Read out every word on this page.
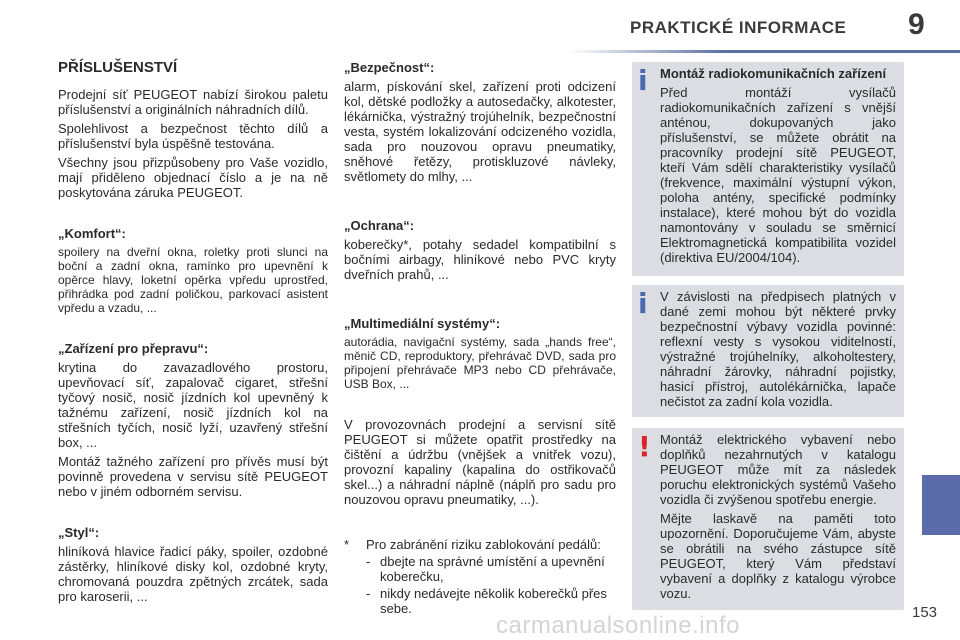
PRAKTICKÉ INFORMACE 9
PŘÍSLUŠENSTVÍ

Prodejní síť PEUGEOT nabízí širokou paletu příslušenství a originálních náhradních dílů.

Spolehlivost a bezpečnost těchto dílů a příslušenství byla úspěšně testována.

Všechny jsou přizpůsobeny pro Vaše vozidlo, mají přiděleno objednací číslo a je na ně poskytována záruka PEUGEOT.

„Komfort“:

spoilery na dveřní okna, roletky proti slunci na boční a zadní okna, ramínko pro upevnění k opěrce hlavy, loketní opěrka vpředu uprostřed, přihrádka pod zadní poličkou, parkovací asistent vpředu a vzadu, ...

„Zařízení pro přepravu“:

krytina do zavazadlového prostoru, upevňovací síť, zapalovač cigaret, střešní tyčový nosič, nosič jízdních kol upevněný k tažnému zařízení, nosič jízdních kol na střešních tyčích, nosič lyží, uzavřený střešní box, ...

Montáž tažného zařízení pro přívěs musí být povinně provedena v servisu sítě PEUGEOT nebo v jiném odborném servisu.

„Styl“:

hliníková hlavice řadicí páky, spoiler, ozdobné zástěrky, hliníkové disky kol, ozdobné kryty, chromovaná pouzdra zpětných zrcátek, sada pro karoserii, ...

„Bezpečnost“:

alarm, pískování skel, zařízení proti odcizení kol, dětské podložky a autosedačky, alkotester, lékárnička, výstražný trojúhelník, bezpečnostní vesta, systém lokalizování odcizeného vozidla, sada pro nouzovou opravu pneumatiky, sněhové řetězy, protiskluzové návleky, světlomety do mlhy, ...

„Ochrana“:

koberečky*, potahy sedadel kompatibilní s bočními airbagy, hliníkové nebo PVC kryty dveřních prahů, ...

„Multimediální systémy“:

autorádia, navigační systémy, sada „hands free“, měnič CD, reproduktory, přehrávač DVD, sada pro připojení přehrávače MP3 nebo CD přehrávače, USB Box, ...

V provozovnách prodejní a servisní sítě PEUGEOT si můžete opatřit prostředky na čištění a údržbu (vnějšek a vnitřek vozu), provozní kapaliny (kapalina do ostřikovačů skel...) a náhradní náplně (náplň pro sadu pro nouzovou opravu pneumatiky, ...).

*	Pro zabránění riziku zablokování pedálů:
- dbejte na správné umístění a upevnění koberečku,
- nikdy nedávejte několik koberečků přes sebe.
i Montáž radiokomunikačních zařízení

Před montáží vysílačů radiokomunikačních zařízení s vnější anténou, dokupovaných jako příslušenství, se můžete obrátit na pracovníky prodejní sítě PEUGEOT, kteří Vám sdělí charakteristiky vysílačů (frekvence, maximální výstupní výkon, poloha antény, specifické podmínky instalace), které mohou být do vozidla namontovány v souladu se směrnicí Elektromagnetická kompatibilita vozidel (direktiva EU/2004/104).

i V závislosti na předpisech platných v dané zemi mohou být některé prvky bezpečnostní výbavy vozidla povinné: reflexní vesty s vysokou viditelností, výstražné trojúhelníky, alkoholtestery, náhradní žárovky, náhradní pojistky, hasicí přístroj, autolékárnička, lapače nečistot za zadní kola vozidla.

! Montáž elektrického vybavení nebo doplňků nezahrnutých v katalogu PEUGEOT může mít za následek poruchu elektronických systémů Vašeho vozidla či zvýšenou spotřebu energie.

Mějte laskavě na paměti toto upozornění. Doporučujeme Vám, abyste se obrátili na svého zástupce sítě PEUGEOT, který Vám představí vybavení a doplňky z katalogu výrobce vozu.

153
carmanualsonline.info
